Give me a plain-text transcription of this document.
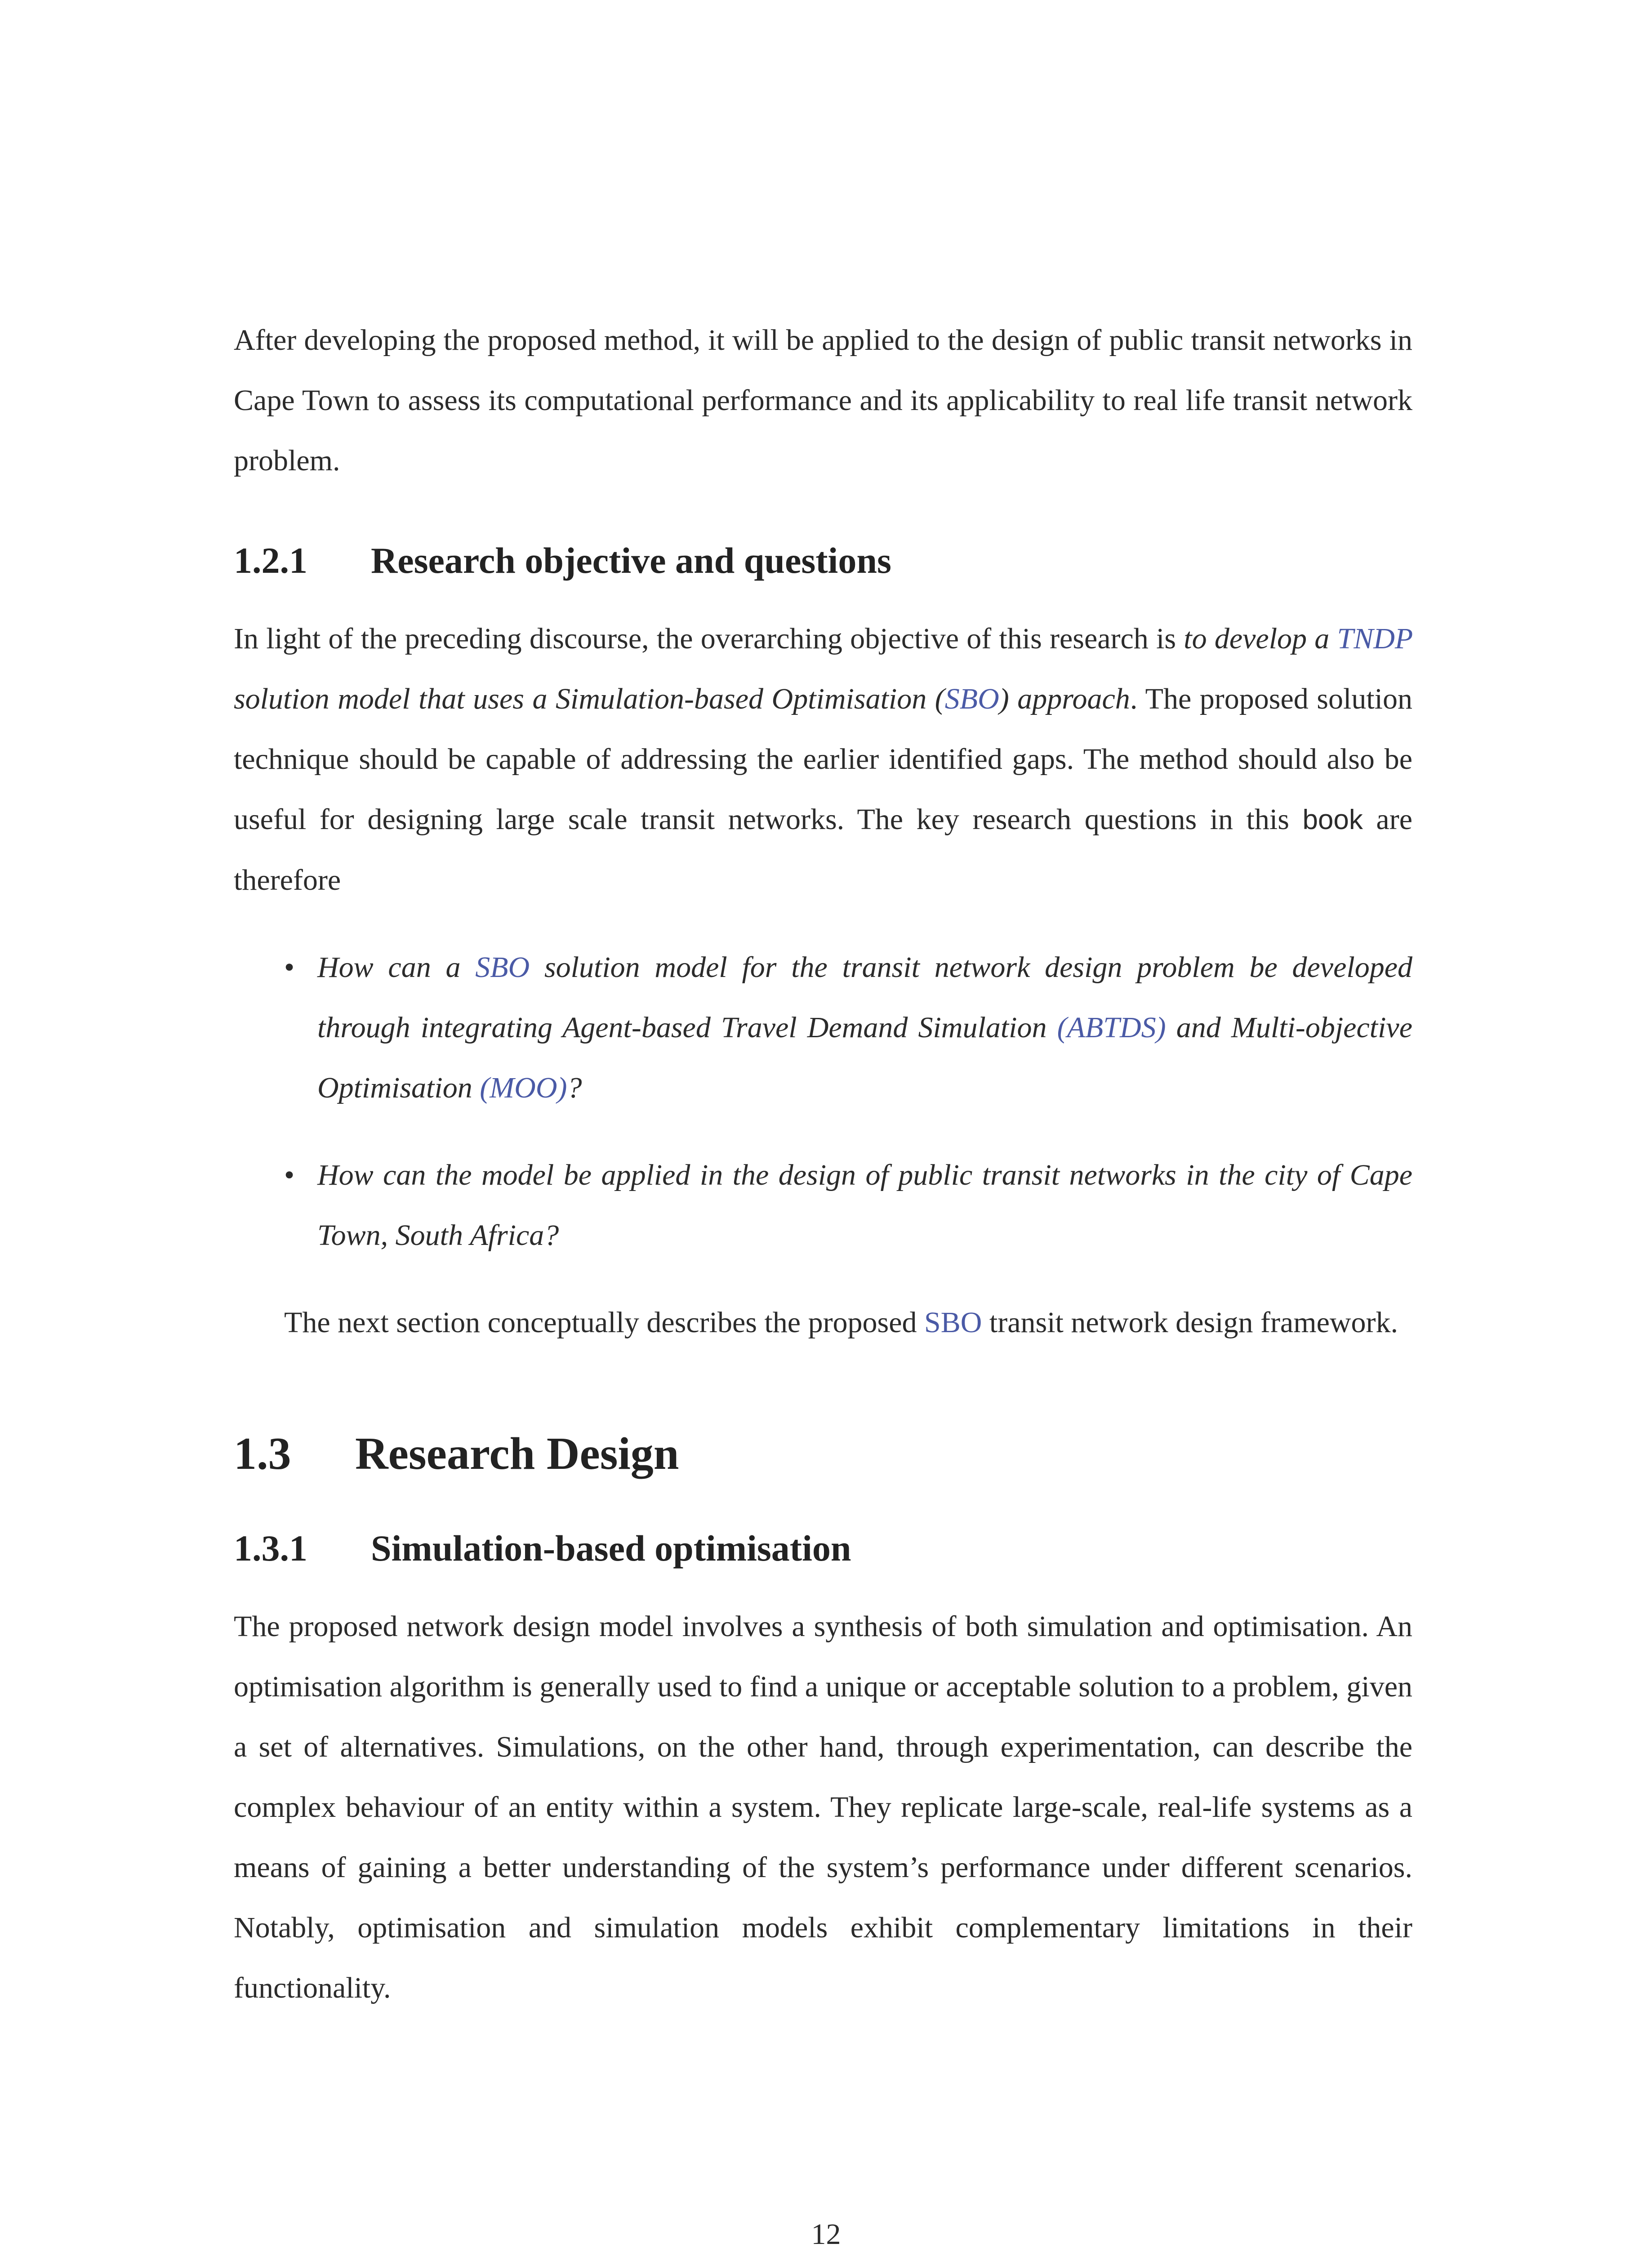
After developing the proposed method, it will be applied to the design of public transit networks in Cape Town to assess its computational performance and its applicability to real life transit network problem.

1.2.1 Research objective and questions

In light of the preceding discourse, the overarching objective of this research is to develop a TNDP solution model that uses a Simulation-based Optimisation (SBO) approach. The proposed solution technique should be capable of addressing the earlier identified gaps. The method should also be useful for designing large scale transit networks. The key research questions in this book are therefore

• How can a SBO solution model for the transit network design problem be developed through integrating Agent-based Travel Demand Simulation (ABTDS) and Multi-objective Optimisation (MOO)?
• How can the model be applied in the design of public transit networks in the city of Cape Town, South Africa?

The next section conceptually describes the proposed SBO transit network design framework.

1.3 Research Design
1.3.1 Simulation-based optimisation

The proposed network design model involves a synthesis of both simulation and optimisation. An optimisation algorithm is generally used to find a unique or acceptable solution to a problem, given a set of alternatives. Simulations, on the other hand, through experimentation, can describe the complex behaviour of an entity within a system. They replicate large-scale, real-life systems as a means of gaining a better understanding of the system’s performance under different scenarios. Notably, optimisation and simulation models exhibit complementary limitations in their functionality.

12
